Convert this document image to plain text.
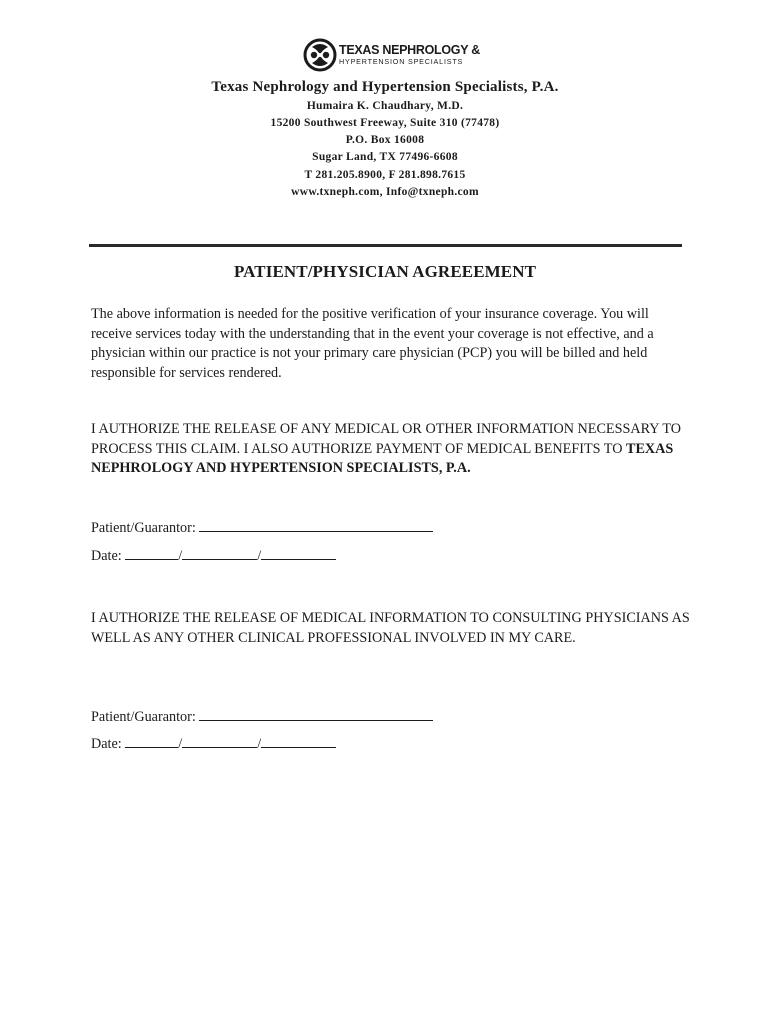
TEXAS NEPHROLOGY &
HYPERTENSION SPECIALISTS
Texas Nephrology and Hypertension Specialists, P.A.
Humaira K. Chaudhary, M.D.
15200 Southwest Freeway, Suite 310 (77478)
P.O. Box 16008
Sugar Land, TX 77496-6608
T 281.205.8900, F 281.898.7615
www.txneph.com, Info@txneph.com
PATIENT/PHYSICIAN AGREEEMENT
The above information is needed for the positive verification of your insurance coverage. You will receive services today with the understanding that in the event your coverage is not effective, and a physician within our practice is not your primary care physician (PCP) you will be billed and held responsible for services rendered.
I AUTHORIZE THE RELEASE OF ANY MEDICAL OR OTHER INFORMATION NECESSARY TO PROCESS THIS CLAIM. I ALSO AUTHORIZE PAYMENT OF MEDICAL BENEFITS TO TEXAS NEPHROLOGY AND HYPERTENSION SPECIALISTS, P.A.
Patient/Guarantor:
Date:	/	/
I AUTHORIZE THE RELEASE OF MEDICAL INFORMATION TO CONSULTING PHYSICIANS AS WELL AS ANY OTHER CLINICAL PROFESSIONAL INVOLVED IN MY CARE.
Patient/Guarantor:
Date:	/	/
